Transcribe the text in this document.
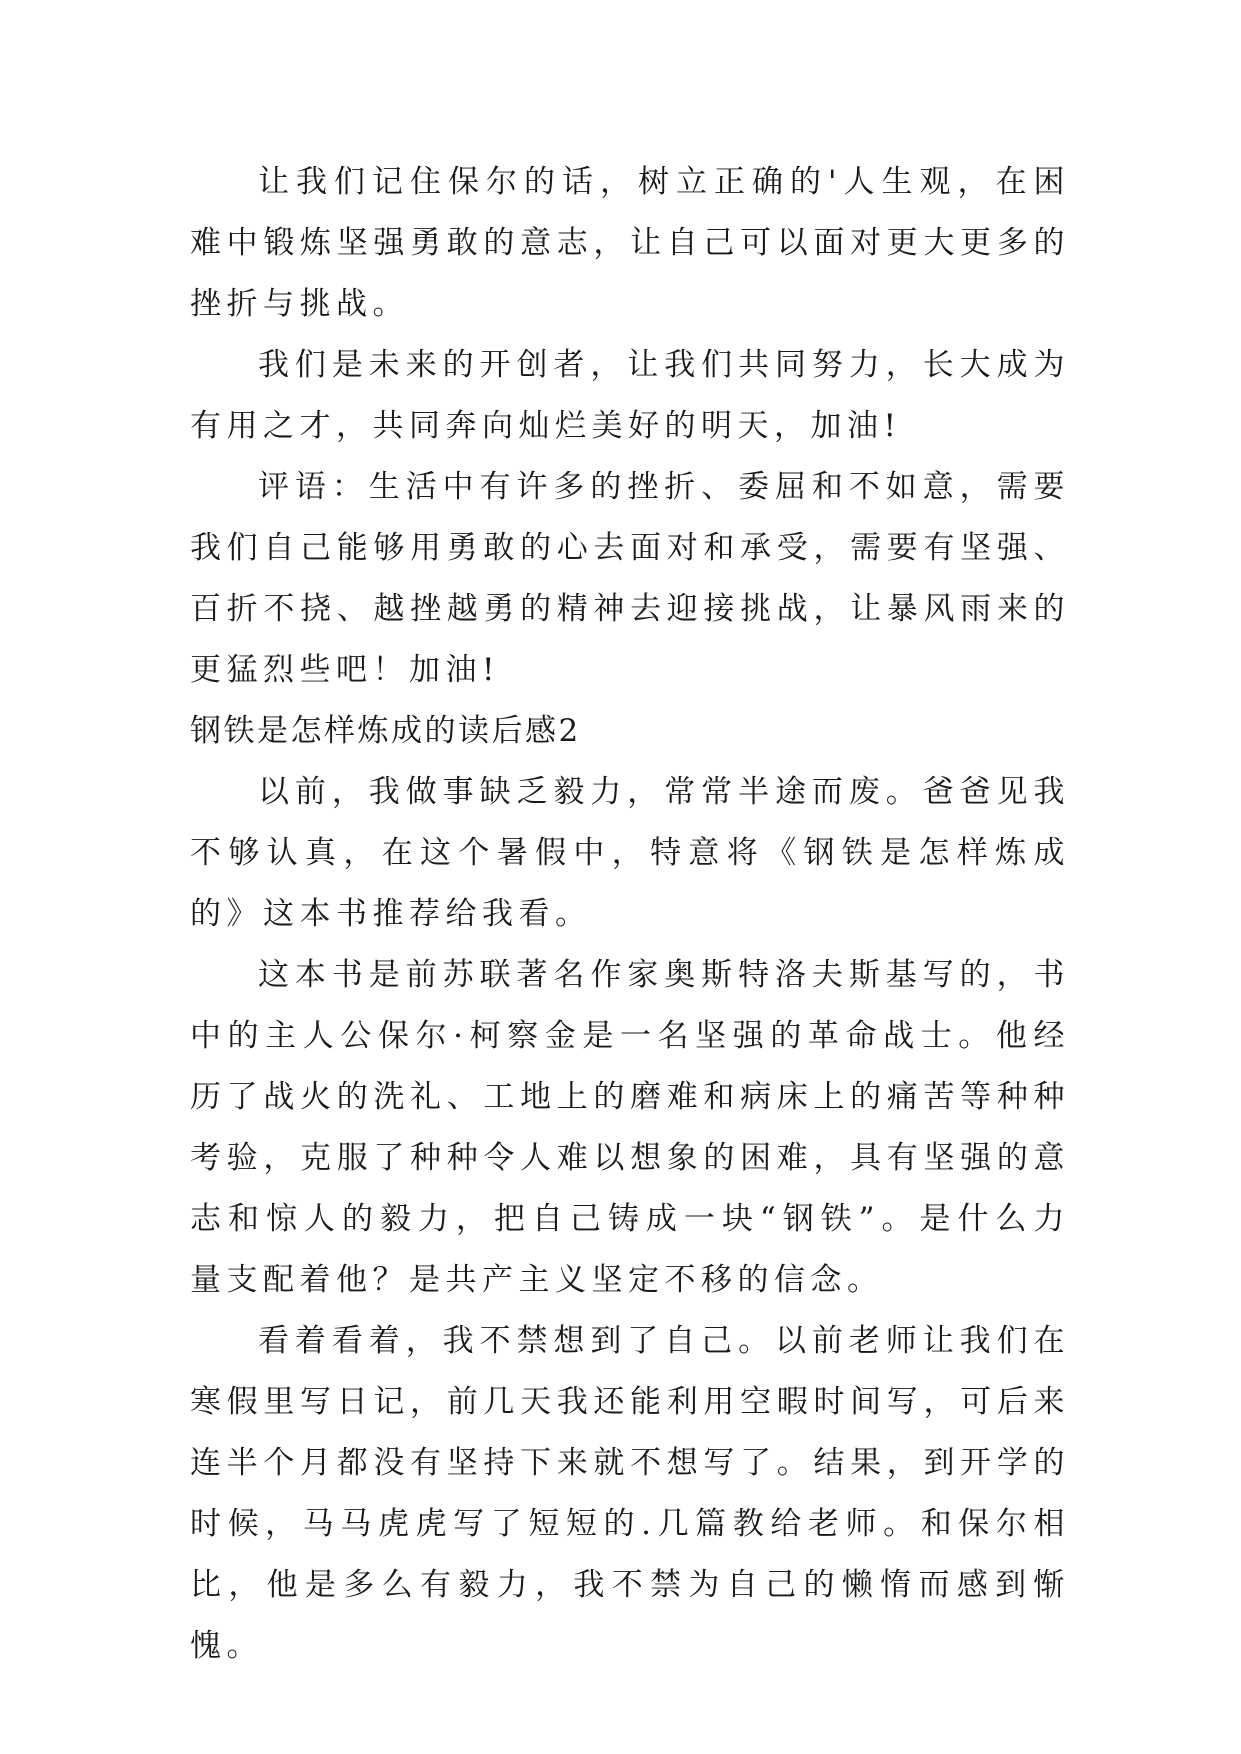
让我们记住保尔的话，树立正确的'人生观，在困难中锻炼坚强勇敢的意志，让自己可以面对更大更多的挫折与挑战。

我们是未来的开创者，让我们共同努力，长大成为有用之才，共同奔向灿烂美好的明天，加油!

评语：生活中有许多的挫折、委屈和不如意，需要我们自己能够用勇敢的心去面对和承受，需要有坚强、百折不挠、越挫越勇的精神去迎接挑战，让暴风雨来的更猛烈些吧！加油!

钢铁是怎样炼成的读后感2

以前，我做事缺乏毅力，常常半途而废。爸爸见我不够认真，在这个暑假中，特意将《钢铁是怎样炼成的》这本书推荐给我看。

这本书是前苏联著名作家奥斯特洛夫斯基写的，书中的主人公保尔·柯察金是一名坚强的革命战士。他经历了战火的洗礼、工地上的磨难和病床上的痛苦等种种考验，克服了种种令人难以想象的困难，具有坚强的意志和惊人的毅力，把自己铸成一块“钢铁”。是什么力量支配着他？是共产主义坚定不移的信念。

看着看着，我不禁想到了自己。以前老师让我们在寒假里写日记，前几天我还能利用空暇时间写，可后来连半个月都没有坚持下来就不想写了。结果，到开学的时候，马马虎虎写了短短的.几篇教给老师。和保尔相比，他是多么有毅力，我不禁为自己的懒惰而感到惭愧。
